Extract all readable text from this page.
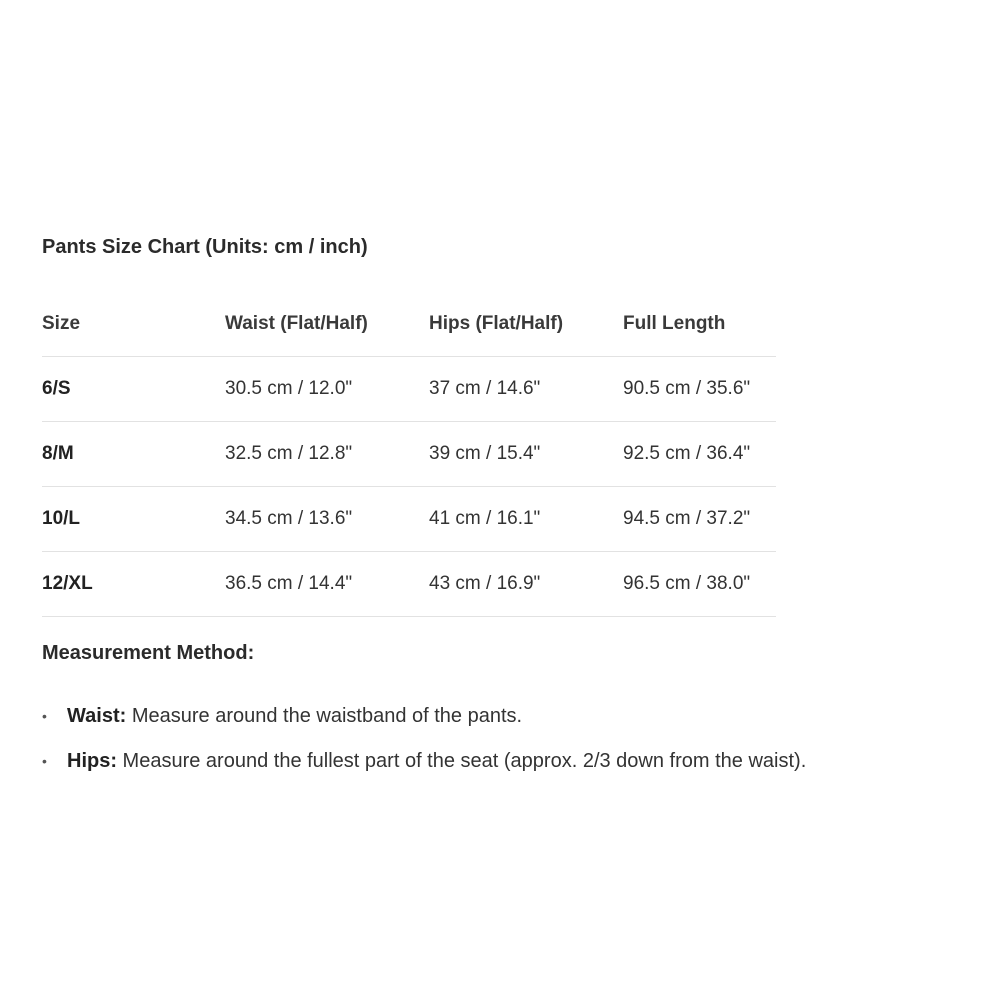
Pants Size Chart (Units: cm / inch)
Size	Waist (Flat/Half)	Hips (Flat/Half)	Full Length
6/S	30.5 cm / 12.0"	37 cm / 14.6"	90.5 cm / 35.6"
8/M	32.5 cm / 12.8"	39 cm / 15.4"	92.5 cm / 36.4"
10/L	34.5 cm / 13.6"	41 cm / 16.1"	94.5 cm / 37.2"
12/XL	36.5 cm / 14.4"	43 cm / 16.9"	96.5 cm / 38.0"
Measurement Method:
• Waist: Measure around the waistband of the pants.
• Hips: Measure around the fullest part of the seat (approx. 2/3 down from the waist).
